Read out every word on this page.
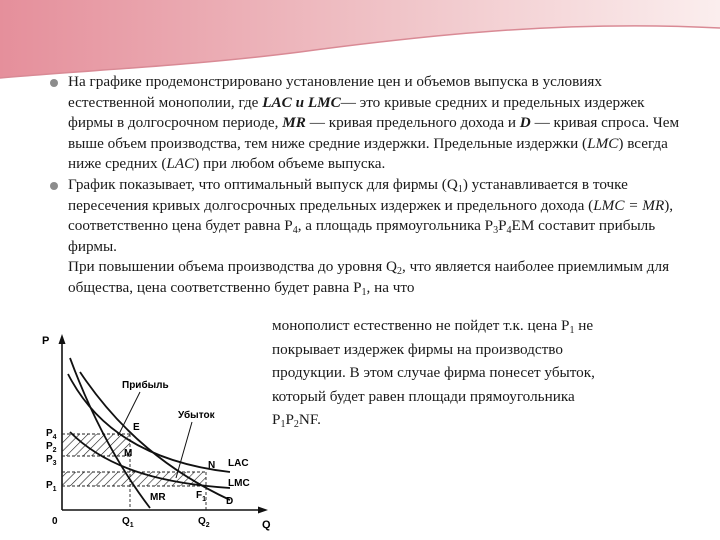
На графике продемонстрировано установление цен и объемов выпуска в условиях естественной монополии, где LAC и LMC— это кривые средних и предельных издержек фирмы в долгосрочном периоде, MR — кривая предельного дохода и D — кривая спроса. Чем выше объем производства, тем ниже средние издержки. Предельные издержки (LMC) всегда ниже средних (LAC) при любом объеме выпуска.

График показывает, что оптимальный выпуск для фирмы $(Q_1)$ устанавливается в точке пересечения кривых долгосрочных предельных издержек и предельного дохода (LMC = MR), соответственно цена будет равна $P_4$, а площадь прямоугольника $P_3P_4EM$ составит прибыль фирмы.
При повышении объема производства до уровня $Q_2$, что является наиболее приемлимым для общества, цена соответственно будет равна $P_1$, на что

монополист естественно не пойдет т.к. цена $P_1$ не
покрывает издержек фирмы на производство
продукции. В этом случае фирма понесет убыток,
который будет равен площади прямоугольника
$P_1P_2NF$.
P
Q
0
$P_4$
$P_2$
$P_3$
$P_1$
$Q_1$	$Q_2$
Прибыль
Убыток
E
M
N
$F_1$
LAC
LMC
MR	D
